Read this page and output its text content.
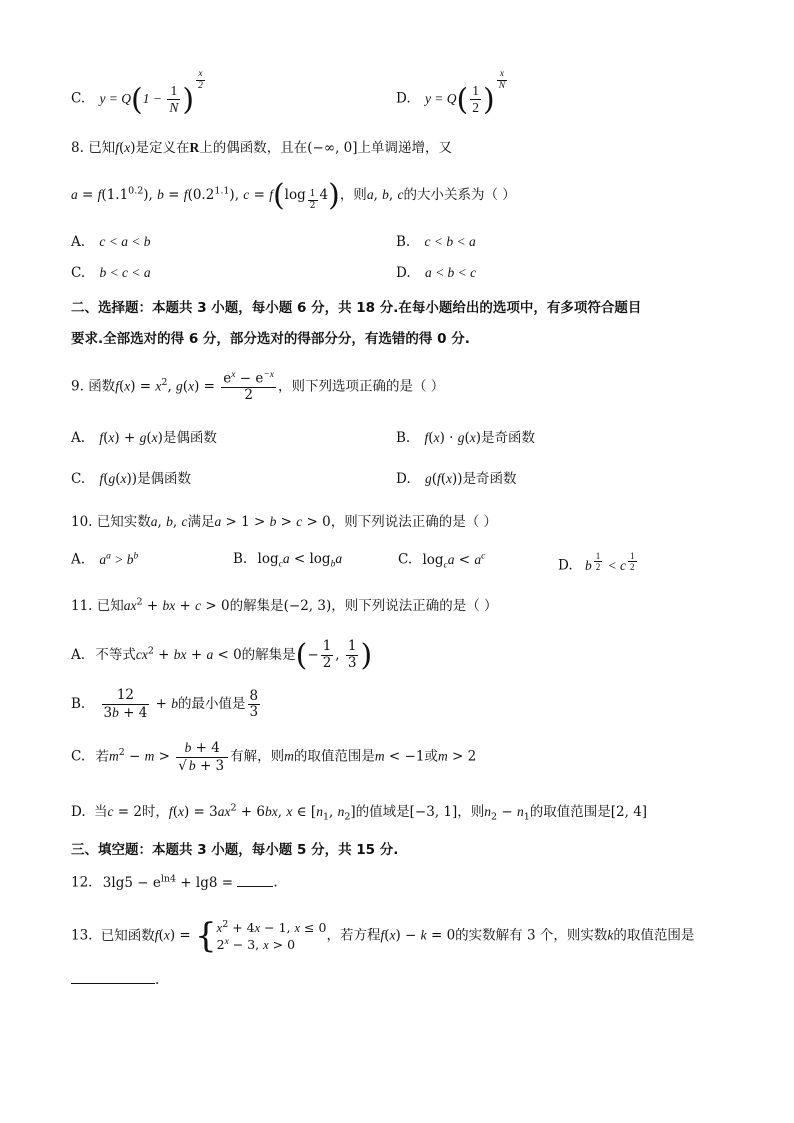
C. $y = Q(1 - \frac{1}{N}$ )
$^{\frac{x}{2}}$
D. $y = Q( \frac{1}{2}$ )
$^{\frac{x}{N}}$
8. 已知f(x)是定义在R上的偶函数，且在(−∞, 0]上单调递增，又
$a = f(1.1^{0.2})$, $b = f(0.2^{1.1})$, c = f(log $_{\frac{1}{2}}$ 4)，则a, b, c的大小关系为（ ）
A. c < a < b	B. c < b < a
C. b < c < a	D. a < b < c
二、选择题：本题共 3 小题，每小题 6 分，共 18 分.在每小题给出的选项中，有多项符合题目
要求.全部选对的得 6 分，部分选对的得部分分，有选错的得 0 分.
9. 函数$f(x) = x^2$, $g(x) = \frac{e^x - e^{-x}}{2}$ ，则下列选项正确的是（ ）
A. f(x) + g(x)是偶函数	B. f(x) · g(x)是奇函数
C. f(g(x))是偶函数	D. g(f(x))是奇函数
10. 已知实数a, b, c满足a > 1 > b > c > 0，则下列说法正确的是（ ）
A. $a^a > b^b$	B. $\log_ca < \log_ba$	C. $\log_ca < a^c$
D. b $^{\frac{1}{2}}$ < c $^{\frac{1}{2}}$
11. 已知$ax^2$ + bx + c > 0的解集是(−2, 3)，则下列说法正确的是（ ）
A. 不等式$cx^2$ + bx + a < 0的解集是(− $\frac{1}{2}$ , $\frac{1}{3}$ )
B. $\frac{12}{3b + 4} + b$的最小值是 $\frac{8}{3}$
C. 若$m^2 - m > \frac{b + 4}{√ b + 3}$ 有解，则m的取值范围是m < −1或m > 2
D. 当c = 2时，$f(x) = 3ax^2 + 6bx$, x ∈ [$n_1$, $n_2$]的值域是[−3, 1]，则$n_2 - n_1$的取值范围是[2, 4]
三、填空题：本题共 3 小题，每小题 5 分，共 15 分.
12. $3\lg 5 - e^{ln4} + \lg 8$ =	.
13. 已知函数$f(x) = \{x^2 + 4x - 1$, x ≤ 0
$2^x - 3$, x > 0，若方程f(x) − k = 0的实数解有 3 个，则实数k的取值范围是
.
